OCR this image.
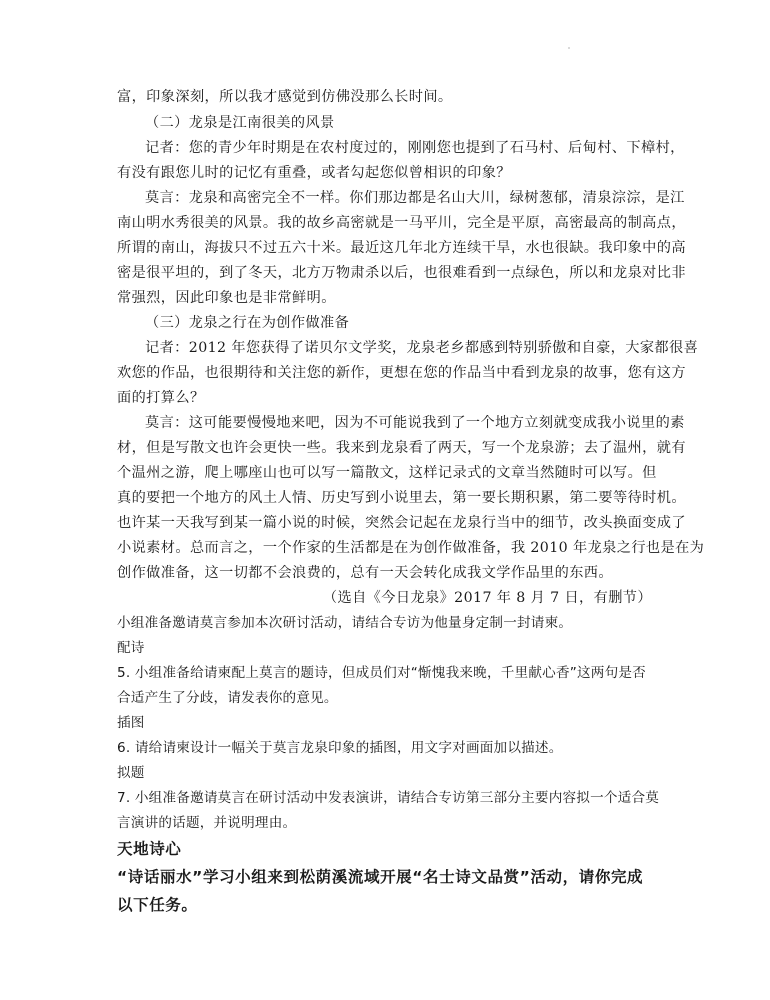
富，印象深刻，所以我才感觉到仿佛没那么长时间。
（二）龙泉是江南很美的风景
记者：您的青少年时期是在农村度过的，刚刚您也提到了石马村、后甸村、下樟村，
有没有跟您儿时的记忆有重叠，或者勾起您似曾相识的印象？
莫言：龙泉和高密完全不一样。你们那边都是名山大川，绿树葱郁，清泉淙淙，是江
南山明水秀很美的风景。我的故乡高密就是一马平川，完全是平原，高密最高的制高点，
所谓的南山，海拔只不过五六十米。最近这几年北方连续干旱，水也很缺。我印象中的高
密是很平坦的，到了冬天，北方万物肃杀以后，也很难看到一点绿色，所以和龙泉对比非
常强烈，因此印象也是非常鲜明。
（三）龙泉之行在为创作做准备
记者：2012 年您获得了诺贝尔文学奖，龙泉老乡都感到特别骄傲和自豪，大家都很喜
欢您的作品，也很期待和关注您的新作，更想在您的作品当中看到龙泉的故事，您有这方
面的打算么？
莫言：这可能要慢慢地来吧，因为不可能说我到了一个地方立刻就变成我小说里的素
材，但是写散文也许会更快一些。我来到龙泉看了两天，写一个龙泉游；去了温州，就有
个温州之游，爬上哪座山也可以写一篇散文，这样记录式的文章当然随时可以写。但
真的要把一个地方的风土人情、历史写到小说里去，第一要长期积累，第二要等待时机。
也许某一天我写到某一篇小说的时候，突然会记起在龙泉行当中的细节，改头换面变成了
小说素材。总而言之，一个作家的生活都是在为创作做准备，我 2010 年龙泉之行也是在为
创作做准备，这一切都不会浪费的，总有一天会转化成我文学作品里的东西。
（选自《今日龙泉》2017 年 8 月 7 日，有删节）
小组准备邀请莫言参加本次研讨活动，请结合专访为他量身定制一封请柬。
配诗
5. 小组准备给请柬配上莫言的题诗，但成员们对“惭愧我来晚，千里献心香”这两句是否
合适产生了分歧，请发表你的意见。
插图
6. 请给请柬设计一幅关于莫言龙泉印象的插图，用文字对画面加以描述。
拟题
7. 小组准备邀请莫言在研讨活动中发表演讲，请结合专访第三部分主要内容拟一个适合莫
言演讲的话题，并说明理由。
天地诗心
“诗话丽水”学习小组来到松荫溪流域开展“名士诗文品赏”活动，请你完成
以下任务。
